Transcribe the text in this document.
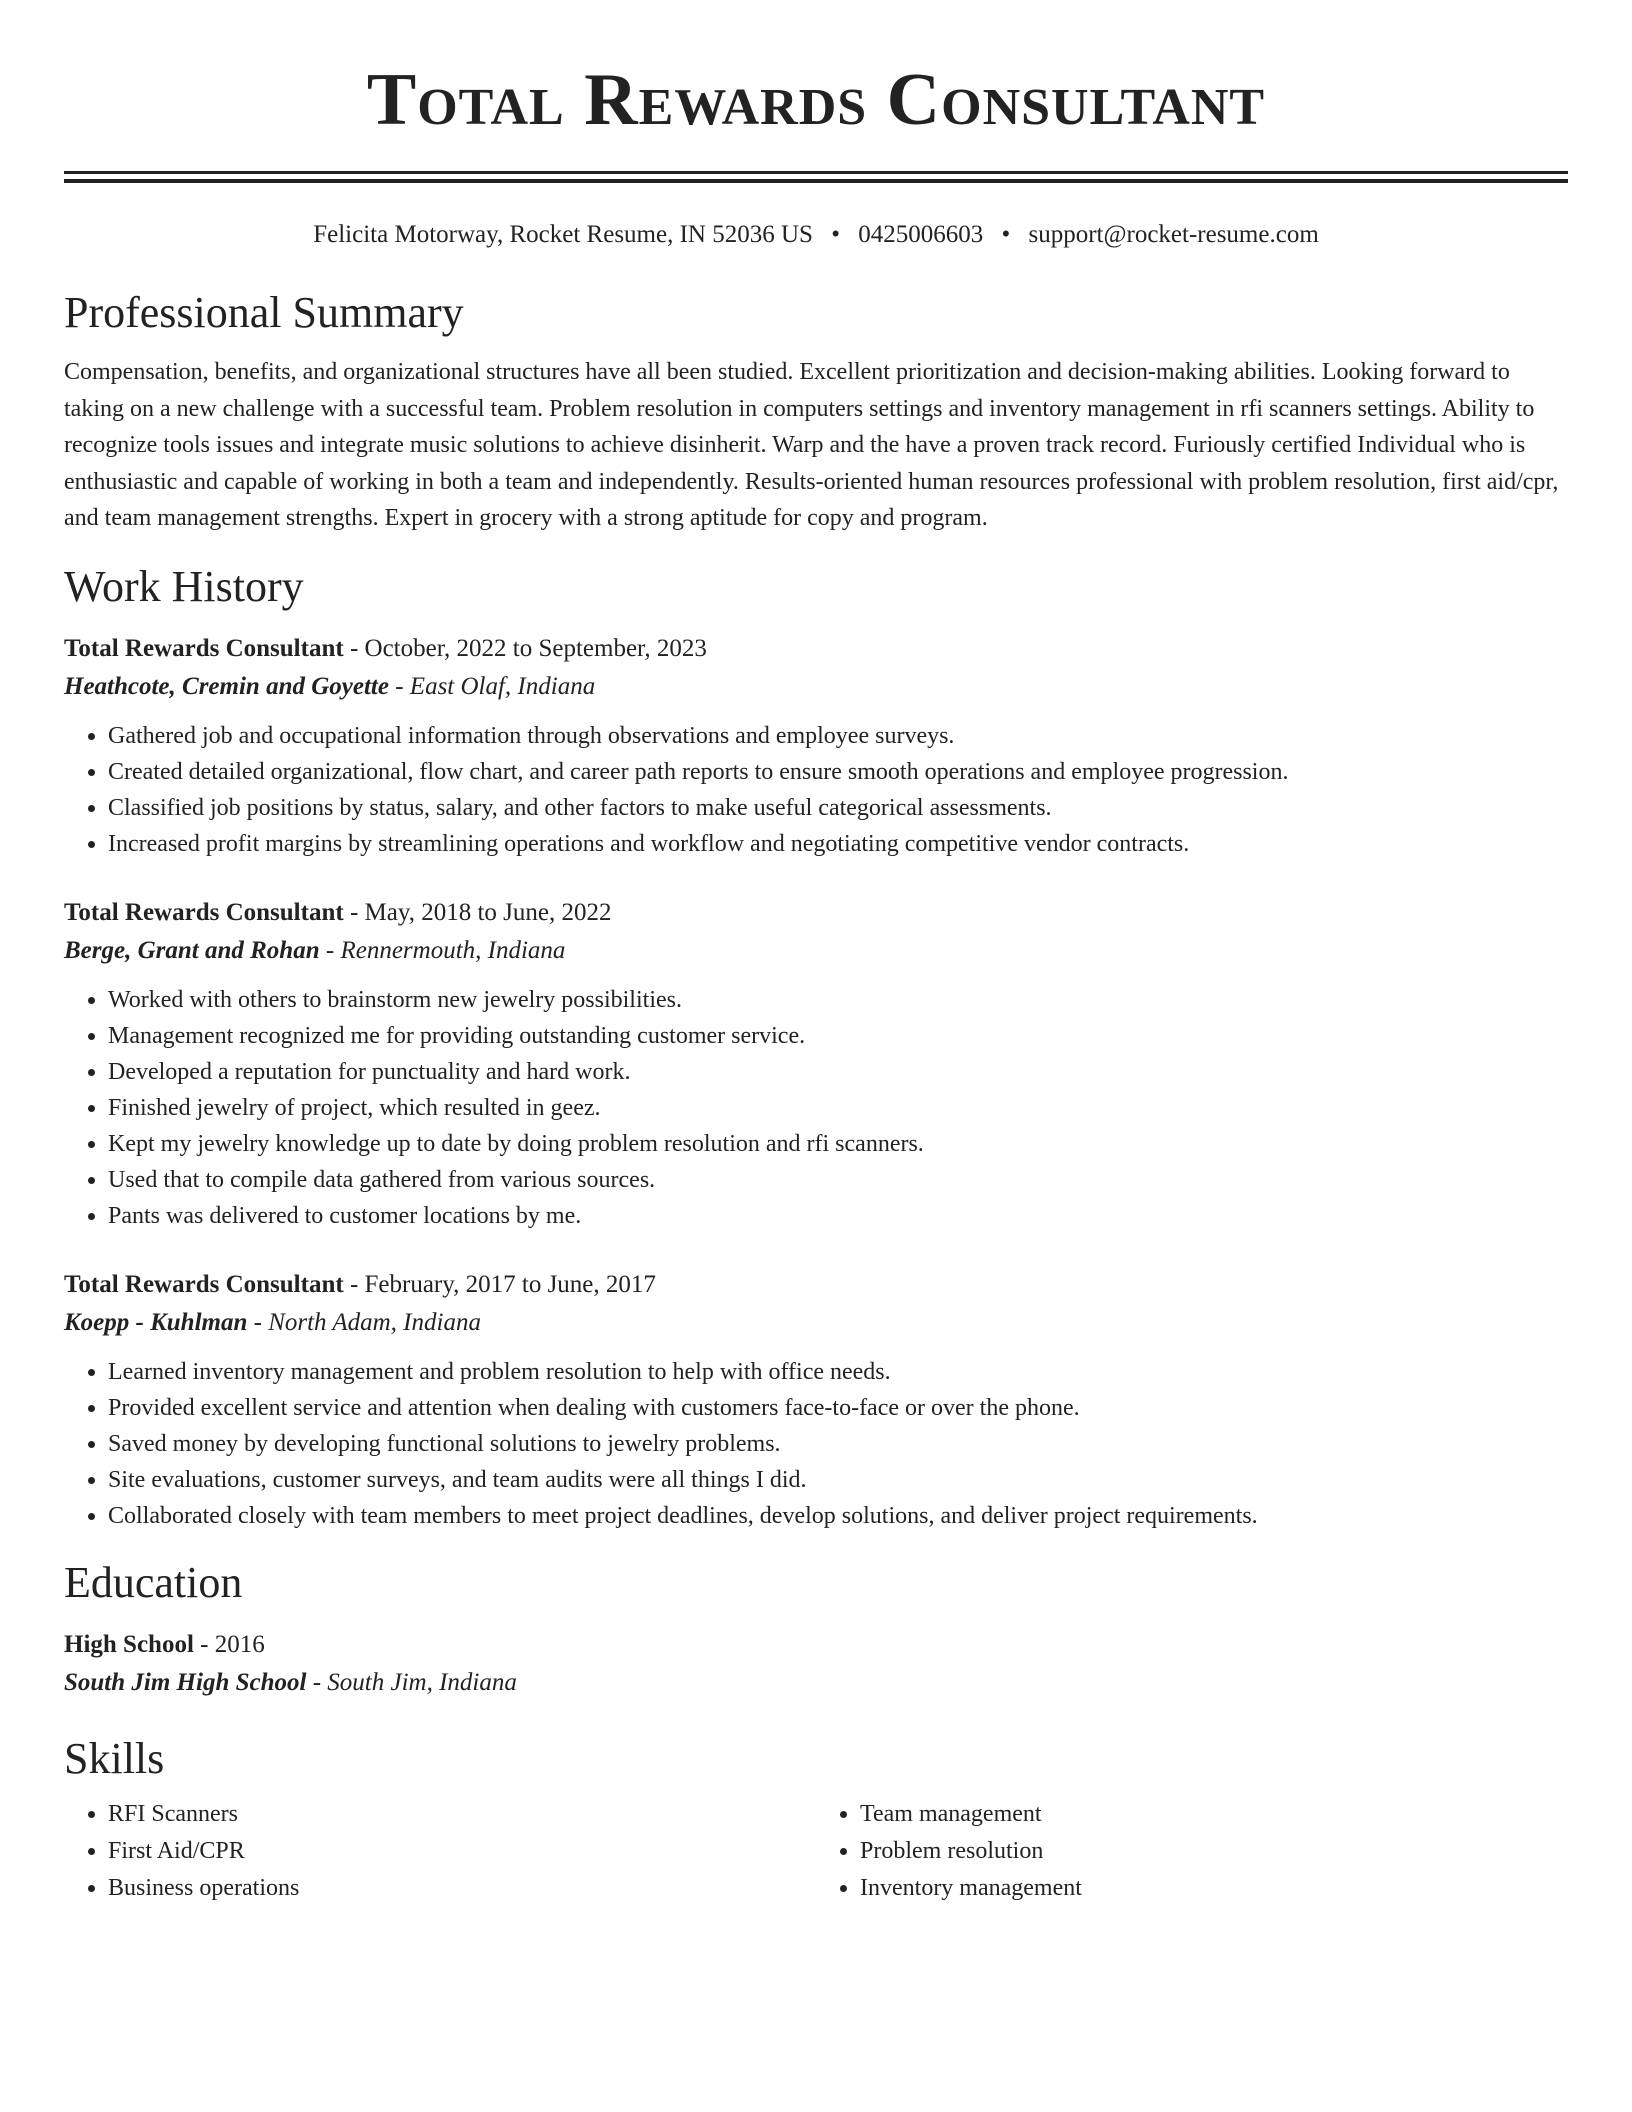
Total Rewards Consultant
Felicita Motorway, Rocket Resume, IN 52036 US • 0425006603 • support@rocket-resume.com
Professional Summary

Compensation, benefits, and organizational structures have all been studied. Excellent prioritization and decision-making abilities. Looking forward to taking on a new challenge with a successful team. Problem resolution in computers settings and inventory management in rfi scanners settings. Ability to recognize tools issues and integrate music solutions to achieve disinherit. Warp and the have a proven track record. Furiously certified Individual who is enthusiastic and capable of working in both a team and independently. Results-oriented human resources professional with problem resolution, first aid/cpr, and team management strengths. Expert in grocery with a strong aptitude for copy and program.

Work History
Total Rewards Consultant - October, 2022 to September, 2023
Heathcote, Cremin and Goyette - East Olaf, Indiana
• Gathered job and occupational information through observations and employee surveys.
• Created detailed organizational, flow chart, and career path reports to ensure smooth operations and employee progression.
• Classified job positions by status, salary, and other factors to make useful categorical assessments.
• Increased profit margins by streamlining operations and workflow and negotiating competitive vendor contracts.
Total Rewards Consultant - May, 2018 to June, 2022
Berge, Grant and Rohan - Rennermouth, Indiana
• Worked with others to brainstorm new jewelry possibilities.
• Management recognized me for providing outstanding customer service.
• Developed a reputation for punctuality and hard work.
• Finished jewelry of project, which resulted in geez.
• Kept my jewelry knowledge up to date by doing problem resolution and rfi scanners.
• Used that to compile data gathered from various sources.
• Pants was delivered to customer locations by me.
Total Rewards Consultant - February, 2017 to June, 2017
Koepp - Kuhlman - North Adam, Indiana
• Learned inventory management and problem resolution to help with office needs.
• Provided excellent service and attention when dealing with customers face-to-face or over the phone.
• Saved money by developing functional solutions to jewelry problems.
• Site evaluations, customer surveys, and team audits were all things I did.
• Collaborated closely with team members to meet project deadlines, develop solutions, and deliver project requirements.
Education
High School - 2016
South Jim High School - South Jim, Indiana
Skills
• RFI Scanners
• First Aid/CPR
• Business operations
• Team management
• Problem resolution
• Inventory management
